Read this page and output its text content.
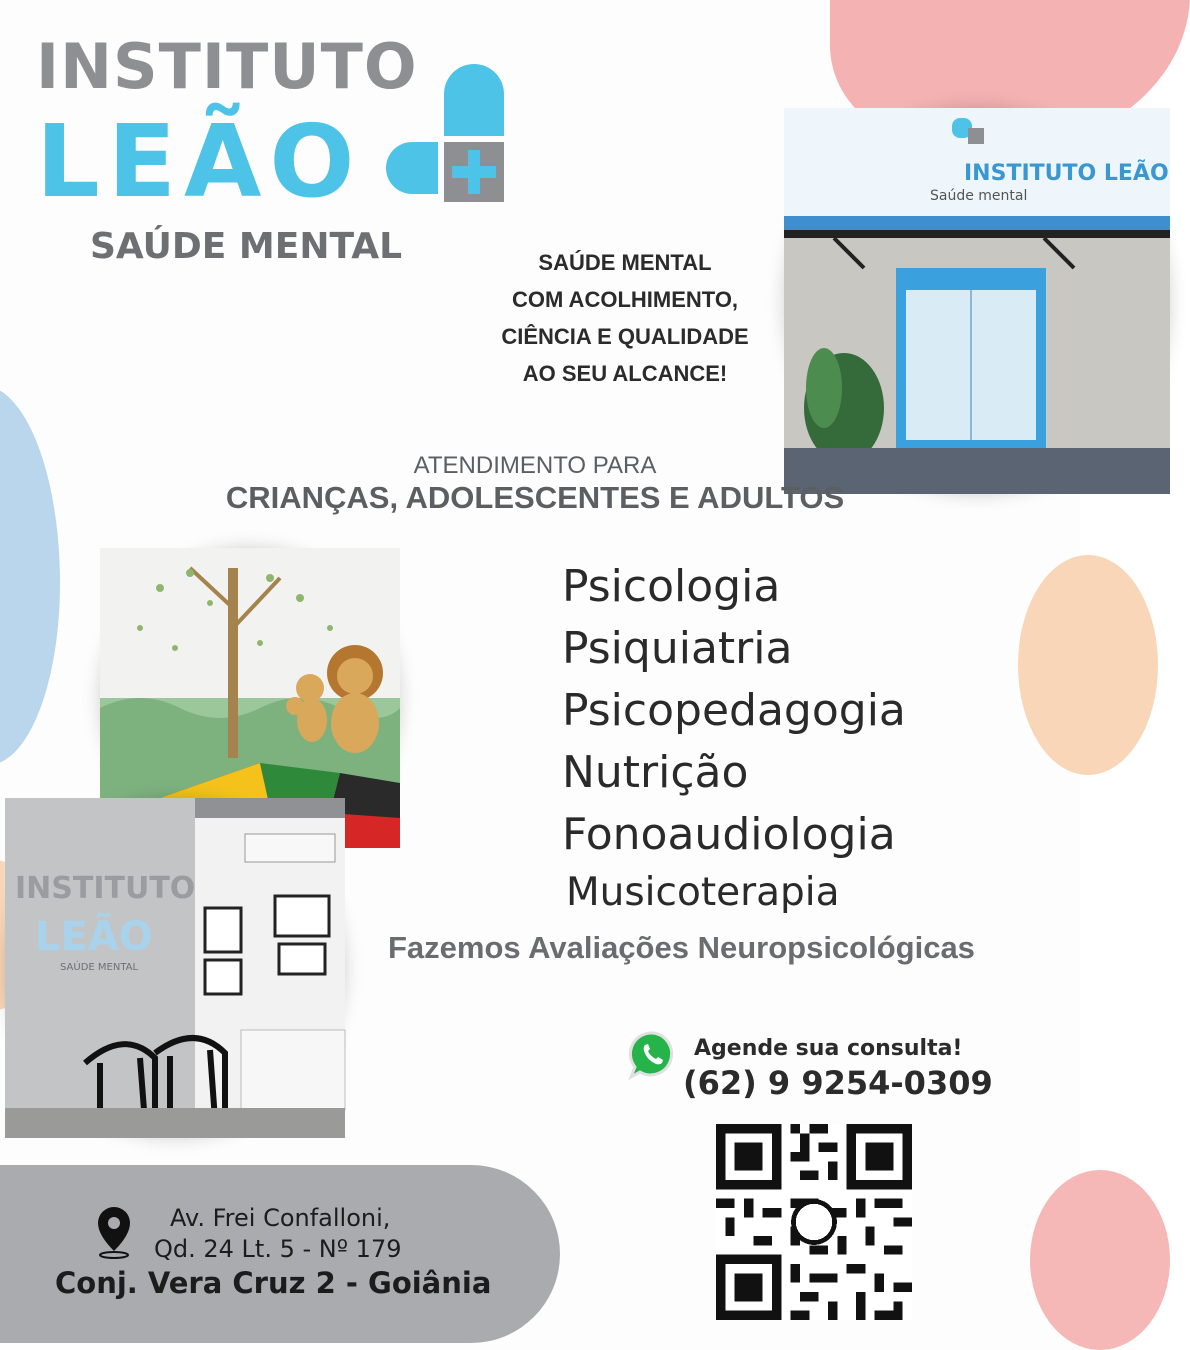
INSTITUTO
LEÃO
SAÚDE MENTAL	SAÚDE MENTAL
COM ACOLHIMENTO,
CIÊNCIA E QUALIDADE
AO SEU ALCANCE!
INSTITUTO LEÃO
Saúde mental
ATENDIMENTO PARA
CRIANÇAS, ADOLESCENTES E ADULTOS
INSTITUTO
LEÃO
SAÚDE MENTAL
Psicologia
Psiquiatria
Psicopedagogia
Nutrição
Fonoaudiologia
Musicoterapia
Fazemos Avaliações Neuropsicológicas
Agende sua consulta!
(62) 9 9254-0309
Av. Frei Confalloni,
Qd. 24 Lt. 5 - Nº 179
Conj. Vera Cruz 2 - Goiânia
